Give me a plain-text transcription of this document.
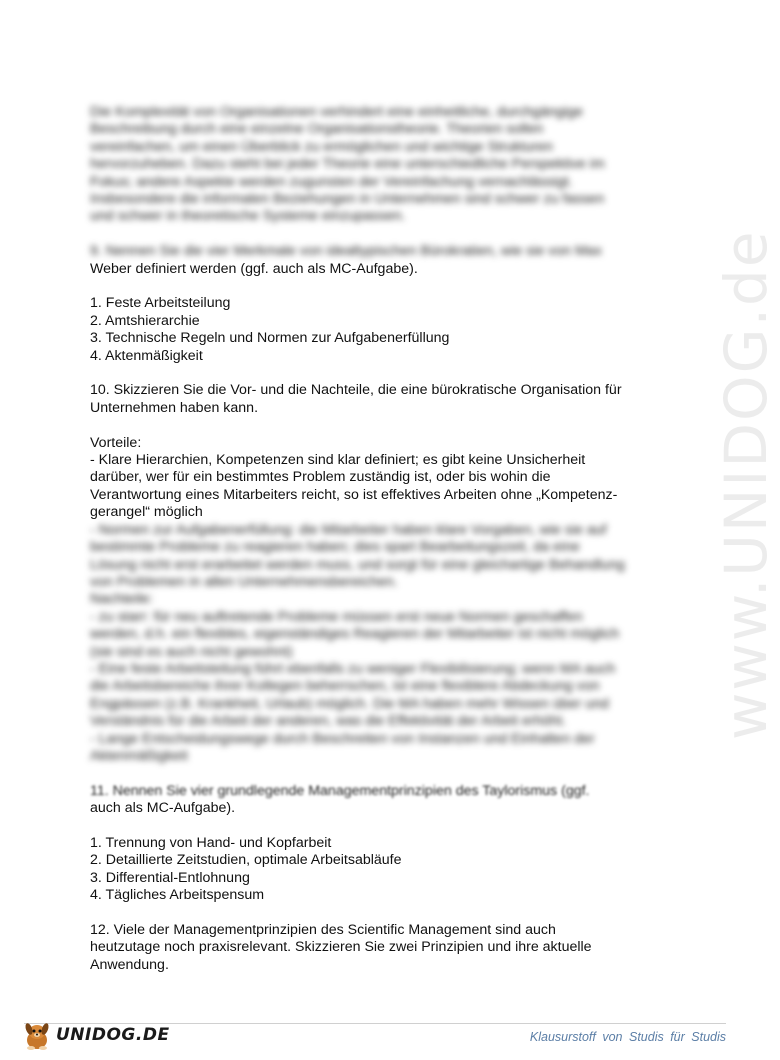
www.UNIDOG.de
Die Komplexität von Organisationen verhindert eine einheitliche, durchgängige
Beschreibung durch eine einzelne Organisationstheorie. Theorien sollen
vereinfachen, um einen Überblick zu ermöglichen und wichtige Strukturen
hervorzuheben. Dazu steht bei jeder Theorie eine unterschiedliche Perspektive im
Fokus; andere Aspekte werden zugunsten der Vereinfachung vernachlässigt.
Insbesondere die informalen Beziehungen in Unternehmen sind schwer zu fassen
und schwer in theoretische Systeme einzupassen.
9. Nennen Sie die vier Merkmale von idealtypischen Bürokratien, wie sie von Max
Weber definiert werden (ggf. auch als MC-Aufgabe).
1. Feste Arbeitsteilung
2. Amtshierarchie
3. Technische Regeln und Normen zur Aufgabenerfüllung
4. Aktenmäßigkeit
10. Skizzieren Sie die Vor- und die Nachteile, die eine bürokratische Organisation für
Unternehmen haben kann.
Vorteile:
- Klare Hierarchien, Kompetenzen sind klar definiert; es gibt keine Unsicherheit
darüber, wer für ein bestimmtes Problem zuständig ist, oder bis wohin die
Verantwortung eines Mitarbeiters reicht, so ist effektives Arbeiten ohne „Kompetenz-
gerangel“ möglich
- Normen zur Aufgabenerfüllung: die Mitarbeiter haben klare Vorgaben, wie sie auf
bestimmte Probleme zu reagieren haben; dies spart Bearbeitungszeit, da eine
Lösung nicht erst erarbeitet werden muss, und sorgt für eine gleichartige Behandlung
von Problemen in allen Unternehmensbereichen.
Nachteile:
- zu starr: für neu auftretende Probleme müssen erst neue Normen geschaffen
werden, d.h. ein flexibles, eigenständiges Reagieren der Mitarbeiter ist nicht möglich
(sie sind es auch nicht gewohnt)
- Eine feste Arbeitsteilung führt ebenfalls zu weniger Flexibilisierung; wenn MA auch
die Arbeitsbereiche ihrer Kollegen beherrschen, ist eine flexiblere Abdeckung von
Engpässen (z.B. Krankheit, Urlaub) möglich. Die MA haben mehr Wissen über und
Verständnis für die Arbeit der anderen, was die Effektivität der Arbeit erhöht.
- Lange Entscheidungswege durch Beschreiten von Instanzen und Einhalten der
Aktenmäßigkeit
11. Nennen Sie vier grundlegende Managementprinzipien des Taylorismus (ggf.
auch als MC-Aufgabe).
1. Trennung von Hand- und Kopfarbeit
2. Detaillierte Zeitstudien, optimale Arbeitsabläufe
3. Differential-Entlohnung
4. Tägliches Arbeitspensum
12. Viele der Managementprinzipien des Scientific Management sind auch
heutzutage noch praxisrelevant. Skizzieren Sie zwei Prinzipien und ihre aktuelle
Anwendung.
UNIDOG.DE	Klausurstoff von Studis für Studis
